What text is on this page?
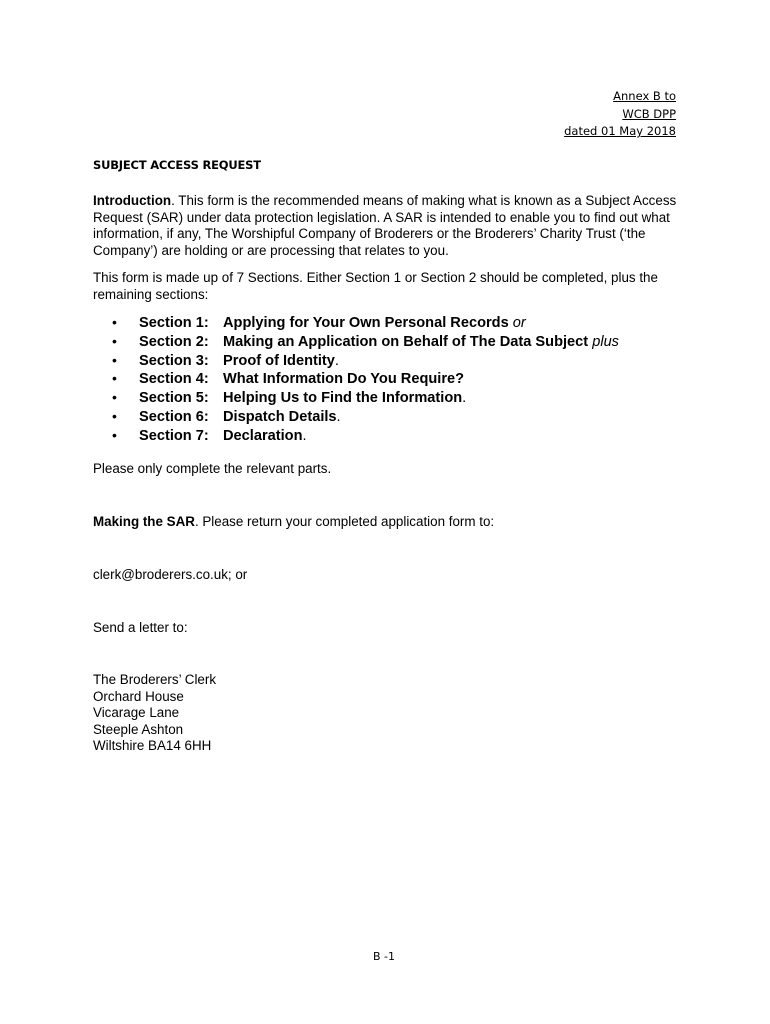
Annex B to
WCB DPP
dated 01 May 2018
SUBJECT ACCESS REQUEST
Introduction. This form is the recommended means of making what is known as a Subject Access Request (SAR) under data protection legislation. A SAR is intended to enable you to find out what information, if any, The Worshipful Company of Broderers or the Broderers’ Charity Trust (‘the Company’) are holding or are processing that relates to you.
This form is made up of 7 Sections. Either Section 1 or Section 2 should be completed, plus the remaining sections:
• Section 1: Applying for Your Own Personal Records or
• Section 2: Making an Application on Behalf of The Data Subject plus
• Section 3: Proof of Identity.
• Section 4: What Information Do You Require?
• Section 5: Helping Us to Find the Information.
• Section 6: Dispatch Details.
• Section 7: Declaration.
Please only complete the relevant parts.
Making the SAR. Please return your completed application form to:
clerk@broderers.co.uk; or
Send a letter to:
The Broderers’ Clerk
Orchard House
Vicarage Lane
Steeple Ashton
Wiltshire BA14 6HH
B -1
